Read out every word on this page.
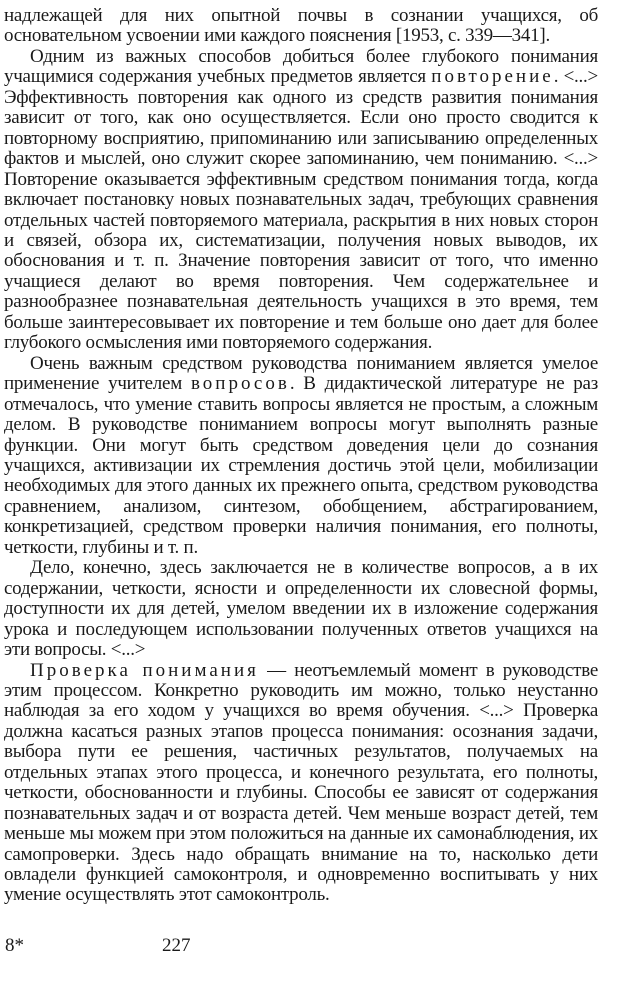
надлежащей для них опытной почвы в сознании учащихся, об основательном усвоении ими каждого пояснения [1953, с. 339—341].

Одним из важных способов добиться более глубокого понимания учащимися содержания учебных предметов является повторение. <...> Эффективность повторения как одного из средств развития понимания зависит от того, как оно осуществляется. Если оно просто сводится к повторному восприятию, припоминанию или записыванию определенных фактов и мыслей, оно служит скорее запоминанию, чем пониманию. <...> Повторение оказывается эффективным средством понимания тогда, когда включает постановку новых познавательных задач, требующих сравнения отдельных частей повторяемого материала, раскрытия в них новых сторон и связей, обзора их, систематизации, получения новых выводов, их обоснования и т. п. Значение повторения зависит от того, что именно учащиеся делают во время повторения. Чем содержательнее и разнообразнее познавательная деятельность учащихся в это время, тем больше заинтересовывает их повторение и тем больше оно дает для более глубокого осмысления ими повторяемого содержания.

Очень важным средством руководства пониманием является умелое применение учителем вопросов. В дидактической литературе не раз отмечалось, что умение ставить вопросы является не простым, а сложным делом. В руководстве пониманием вопросы могут выполнять разные функции. Они могут быть средством доведения цели до сознания учащихся, активизации их стремления достичь этой цели, мобилизации необходимых для этого данных их прежнего опыта, средством руководства сравнением, анализом, синтезом, обобщением, абстрагированием, конкретизацией, средством проверки наличия понимания, его полноты, четкости, глубины и т. п.

Дело, конечно, здесь заключается не в количестве вопросов, а в их содержании, четкости, ясности и определенности их словесной формы, доступности их для детей, умелом введении их в изложение содержания урока и последующем использовании полученных ответов учащихся на эти вопросы. <...>

Проверка понимания — неотъемлемый момент в руководстве этим процессом. Конкретно руководить им можно, только неустанно наблюдая за его ходом у учащихся во время обучения. <...> Проверка должна касаться разных этапов процесса понимания: осознания задачи, выбора пути ее решения, частичных результатов, получаемых на отдельных этапах этого процесса, и конечного результата, его полноты, четкости, обоснованности и глубины. Способы ее зависят от содержания познавательных задач и от возраста детей. Чем меньше возраст детей, тем меньше мы можем при этом положиться на данные их самонаблюдения, их самопроверки. Здесь надо обращать внимание на то, насколько дети овладели функцией самоконтроля, и одновременно воспитывать у них умение осуществлять этот самоконтроль.

8*	227
